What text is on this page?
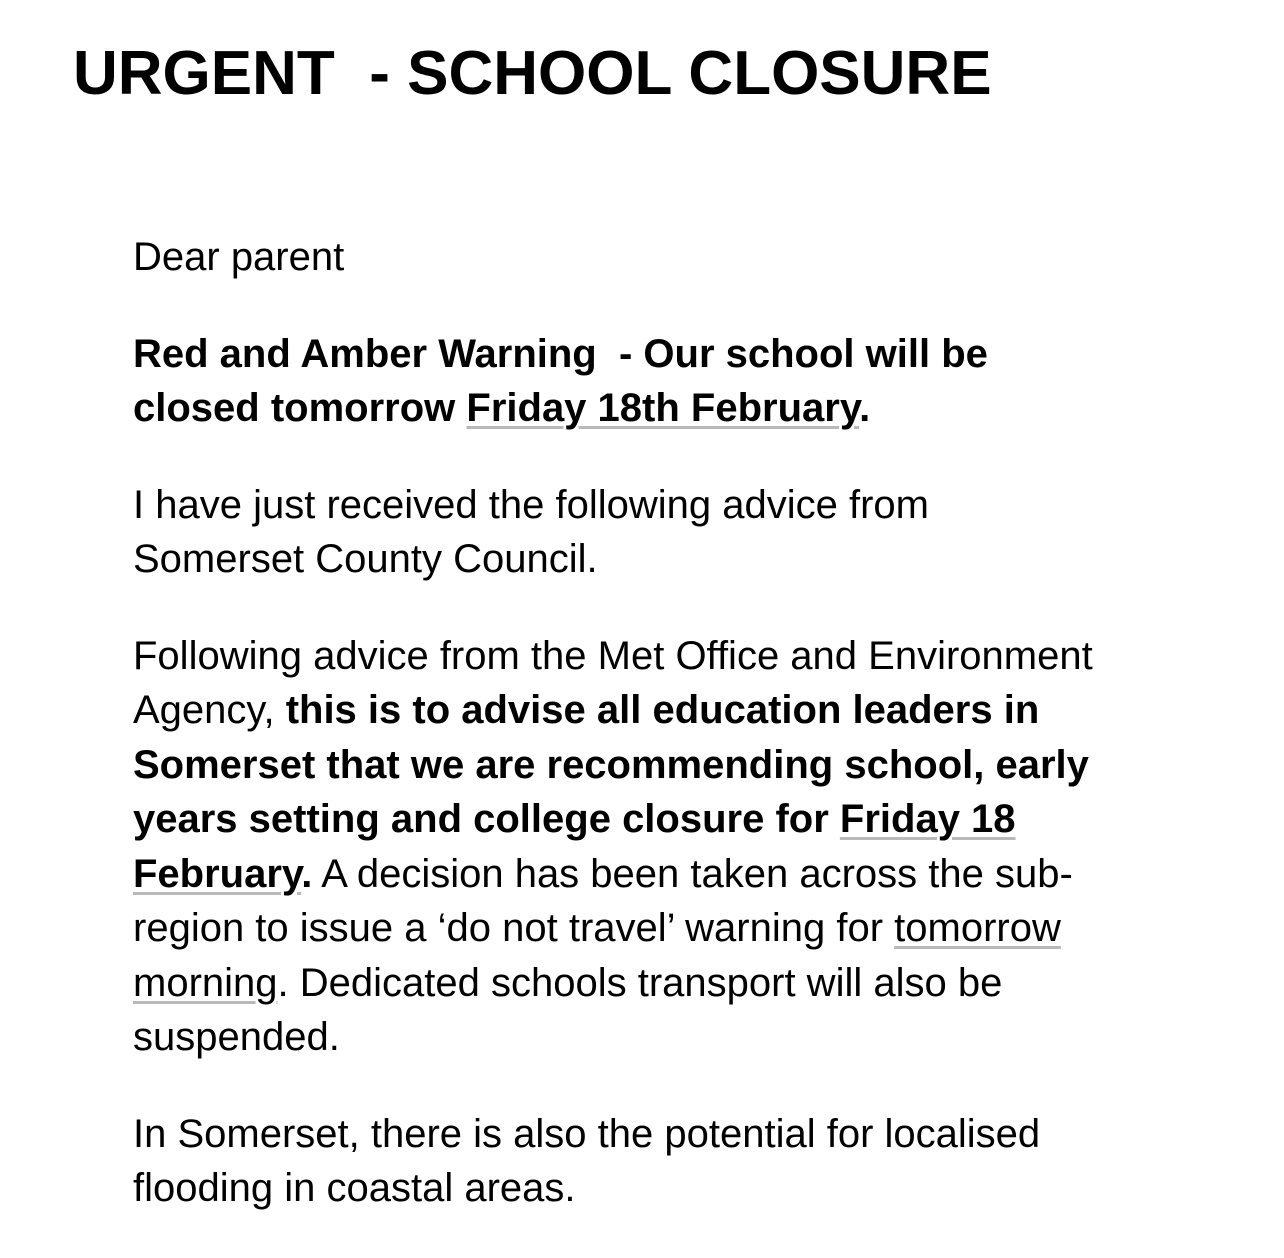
URGENT  - SCHOOL CLOSURE

Dear parent

Red and Amber Warning  - Our school will be
closed tomorrow Friday 18th February.

I have just received the following advice from
Somerset County Council.

Following advice from the Met Office and Environment
Agency, this is to advise all education leaders in
Somerset that we are recommending school, early
years setting and college closure for Friday 18
February. A decision has been taken across the sub-
region to issue a ‘do not travel’ warning for tomorrow
morning. Dedicated schools transport will also be
suspended.

In Somerset, there is also the potential for localised
flooding in coastal areas.
